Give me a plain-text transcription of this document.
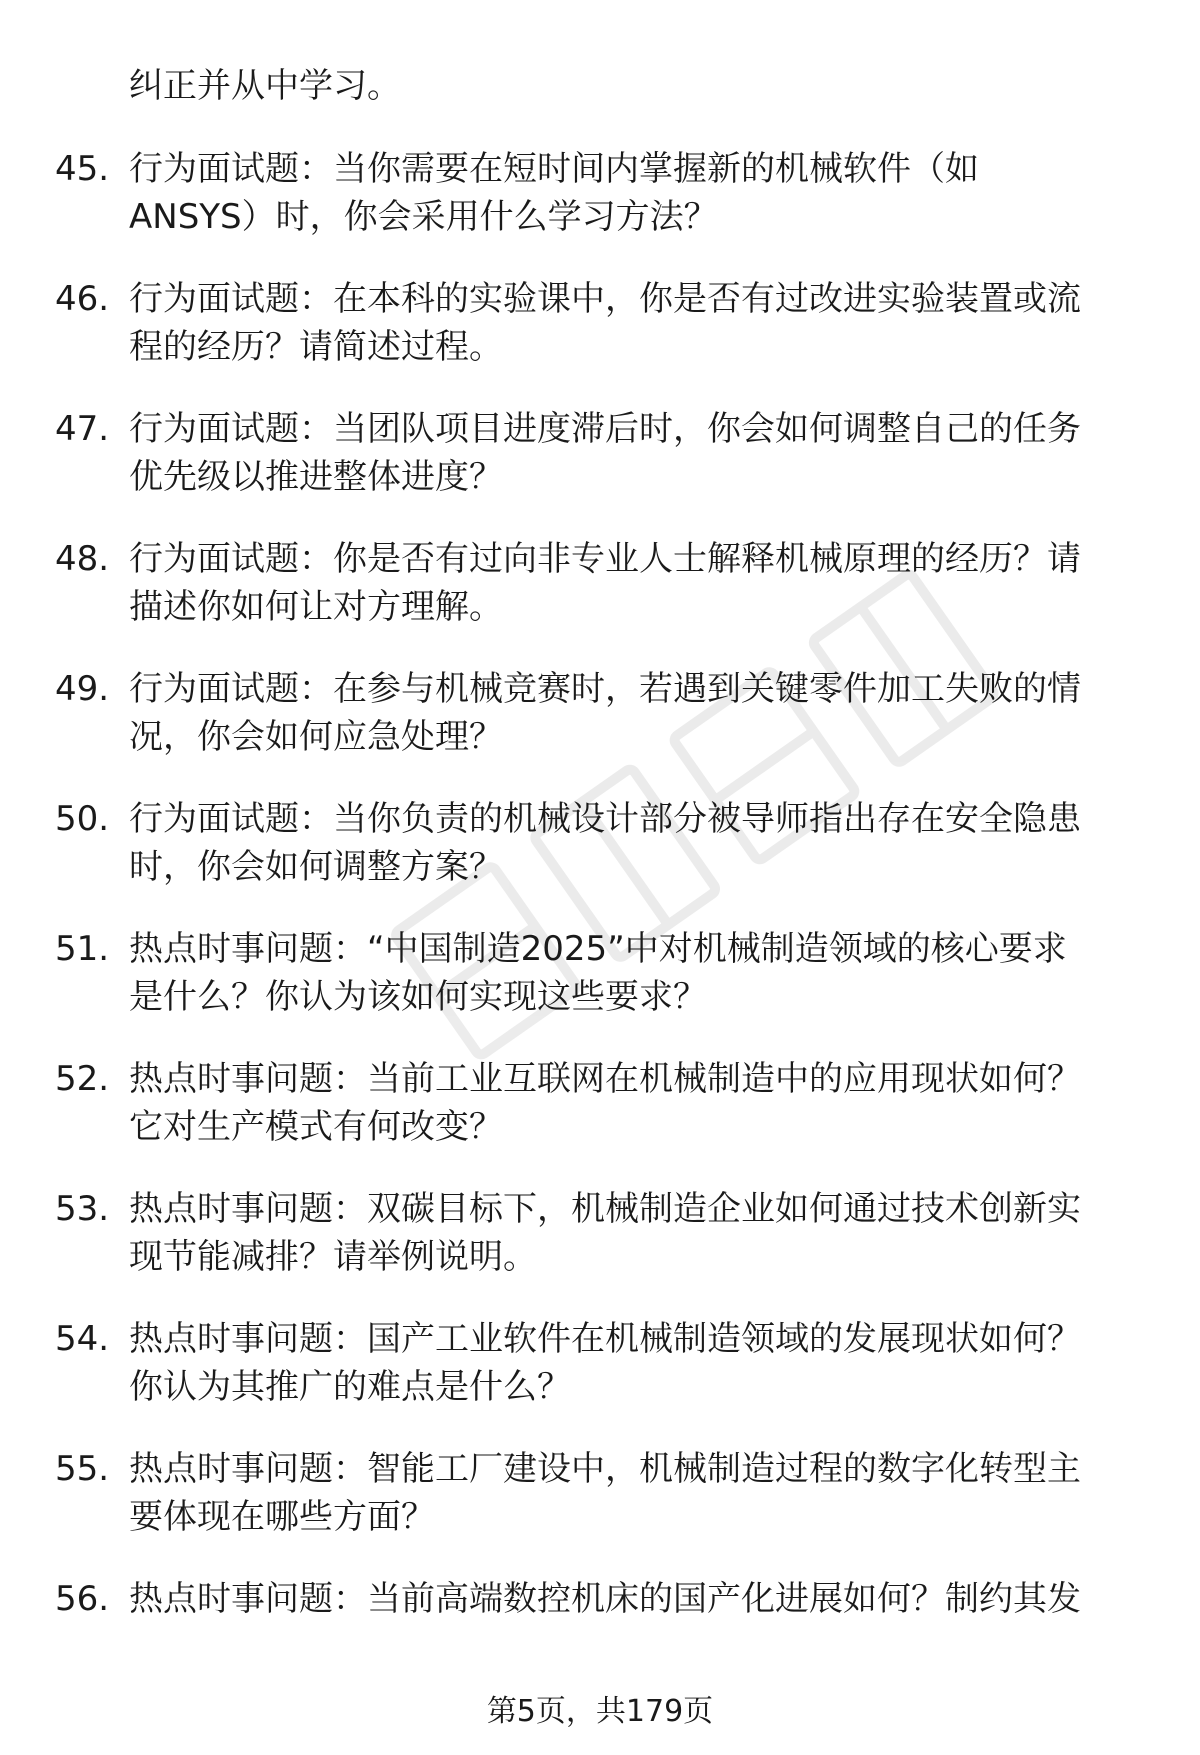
纠正并从中学习。

45. 行为面试题：当你需要在短时间内掌握新的机械软件（如
ANSYS）时，你会采用什么学习方法？

46. 行为面试题：在本科的实验课中，你是否有过改进实验装置或流
程的经历？请简述过程。

47. 行为面试题：当团队项目进度滞后时，你会如何调整自己的任务
优先级以推进整体进度？

48. 行为面试题：你是否有过向非专业人士解释机械原理的经历？请
描述你如何让对方理解。

49. 行为面试题：在参与机械竞赛时，若遇到关键零件加工失败的情
况，你会如何应急处理？

50. 行为面试题：当你负责的机械设计部分被导师指出存在安全隐患
时，你会如何调整方案？

51. 热点时事问题：“中国制造2025”中对机械制造领域的核心要求
是什么？你认为该如何实现这些要求？

52. 热点时事问题：当前工业互联网在机械制造中的应用现状如何？
它对生产模式有何改变？

53. 热点时事问题：双碳目标下，机械制造企业如何通过技术创新实
现节能减排？请举例说明。

54. 热点时事问题：国产工业软件在机械制造领域的发展现状如何？
你认为其推广的难点是什么？

55. 热点时事问题：智能工厂建设中，机械制造过程的数字化转型主
要体现在哪些方面？

56. 热点时事问题：当前高端数控机床的国产化进展如何？制约其发

第5页，共179页
